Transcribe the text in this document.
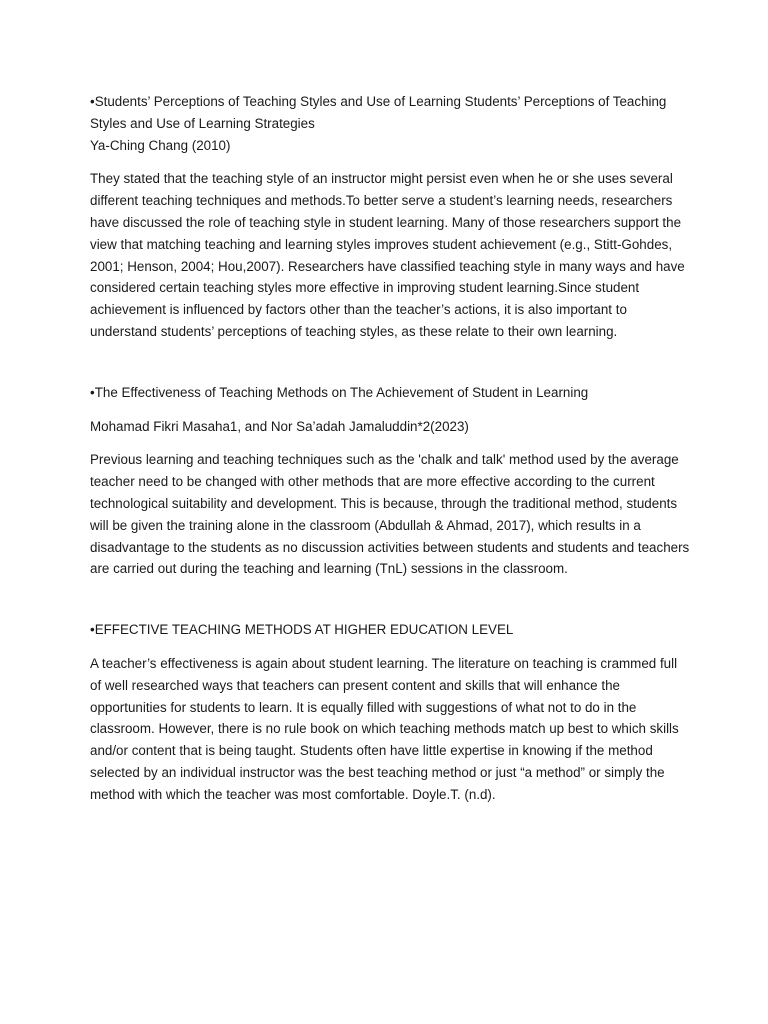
•Students’ Perceptions of Teaching Styles and Use of Learning Students’ Perceptions of Teaching Styles and Use of Learning Strategies

Ya-Ching Chang (2010)

They stated that the teaching style of an instructor might persist even when he or she uses several different teaching techniques and methods.To better serve a student’s learning needs, researchers have discussed the role of teaching style in student learning. Many of those researchers support the view that matching teaching and learning styles improves student achievement (e.g., Stitt-Gohdes, 2001; Henson, 2004; Hou,2007). Researchers have classified teaching style in many ways and have considered certain teaching styles more effective in improving student learning.Since student achievement is influenced by factors other than the teacher’s actions, it is also important to understand students’ perceptions of teaching styles, as these relate to their own learning.

•The Effectiveness of Teaching Methods on The Achievement of Student in Learning

Mohamad Fikri Masaha1, and Nor Sa’adah Jamaluddin*2(2023)

Previous learning and teaching techniques such as the 'chalk and talk' method used by the average teacher need to be changed with other methods that are more effective according to the current technological suitability and development. This is because, through the traditional method, students will be given the training alone in the classroom (Abdullah & Ahmad, 2017), which results in a disadvantage to the students as no discussion activities between students and students and teachers are carried out during the teaching and learning (TnL) sessions in the classroom.

•EFFECTIVE TEACHING METHODS AT HIGHER EDUCATION LEVEL

A teacher’s effectiveness is again about student learning. The literature on teaching is crammed full of well researched ways that teachers can present content and skills that will enhance the opportunities for students to learn. It is equally filled with suggestions of what not to do in the classroom. However, there is no rule book on which teaching methods match up best to which skills and/or content that is being taught. Students often have little expertise in knowing if the method selected by an individual instructor was the best teaching method or just “a method” or simply the method with which the teacher was most comfortable. Doyle.T. (n.d).
